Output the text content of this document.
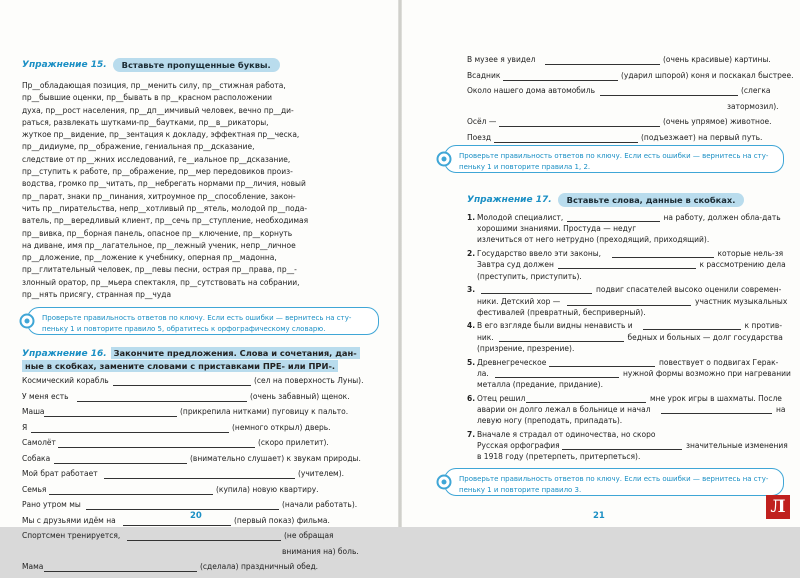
Упражнение 15.	Вставьте пропущенные буквы.
Пр__обладающая позиция, пр__менить силу, пр__стижная работа,
пр__бывшие оценки, пр__бывать в пр__красном расположении
духа, пр__рост населения, пр__дп__имчивый человек, вечно пр__ди-
раться, развлекать шутками-пр__баутками, пр__в__рикаторы,
жуткое пр__видение, пр__зентация к докладу, эффектная пр__ческа,
пр__дидиуме, пр__ображение, гениальная пр__дсказание,
следствие от пр__жних исследований, ге__иальное пр__дсказание,
пр__ступить к работе, пр__ображение, пр__мер передовиков произ-
водства, громко пр__читать, пр__небрегать нормами пр__личия, новый
пр__парат, знаки пр__пинания, хитроумное пр__способление, закон-
чить пр__пирательства, непр__хотливый пр__ятель, молодой пр__подa-
ватель, пр__вередливый клиент, пр__сечь пр__ступление, необходимая
пр__вивка, пр__борная панель, опасное пр__ключение, пр__корнуть
на диване, имя пр__лагательное, пр__лежный ученик, непр__личное
пр__дложение, пр__ложение к учебнику, оперная пр__мадонна,
пр__глитательный человек, пр__певы песни, острая пр__права, пр__-
злонный оратор, пр__мьера спектакля, пр__сутствовать на собрании,
пр__нять присягу, странная пр__чуда
Проверьте правильность ответов по ключу. Если есть ошибки — вернитесь на сту-пеньку 1 и повторите правило 5, обратитесь к орфографическому словарю.
Упражнение 16. Закончите предложения. Слова и сочетания, дан-
ные в скобках, замените словами с приставками ПРЕ- или ПРИ-.
Космический корабль	(сел на поверхность Луны).
У меня есть	(очень забавный) щенок.
Маша	(прикрепила нитками) пуговицу к пальто.
Я	(немного открыл) дверь.
Самолёт	(скоро прилетит).
Собака	(внимательно слушает) к звукам природы.
Мой брат работает	(учителем).
Семья	(купила) новую квартиру.
Рано утром мы	(начали работать).
Мы с друзьями идём на	(первый показ) фильма.
Спортсмен тренируется,	(не обращая
внимания на) боль.
Мама	(сделала) праздничный обед.
20
В музее я увидел	(очень красивые) картины.
Всадник	(ударил шпорой) коня и поскакал быстрее.
Около нашего дома автомобиль	(слегка
затормозил).
Осёл —	(очень упрямое) животное.
Поезд	(подъезжает) на первый путь.
Проверьте правильность ответов по ключу. Если есть ошибки — вернитесь на сту-пеньку 1 и повторите правила 1, 2.
Упражнение 17.	Вставьте слова, данные в скобках.
1. Молодой специалист,	на работу, должен обла-дать
хорошими знаниями. Простуда — недуг
излечиться от него нетрудно (преходящий, приходящий).
2. Государство ввело эти законы,	которые нель-зя
Завтра суд должен	к рассмотрению дела
(преступить, приступить).
3.	подвиг спасателей высоко оценили современ-
ники. Детский хор —	участник музыкальных
фестивалей (превратный, бесприверный).
4. В его взгляде были видны ненависть и	к против-
ник.	бедных и больных — долг государства
(призрение, презрение).
5. Древнегреческое	повествует о подвигах Герак-
ла.	нужной формы возможно при нагревании
металла (предание, придание).
6. Отец решил	мне урок игры в шахматы. После
аварии он долго лежал в больнице и начал	на
левую ногу (преподать, припадать).
7. Вначале я страдал от одиночества, но скоро
Русская орфография	значительные изменения
в 1918 году (претерпеть, притерпеться).
Проверьте правильность ответов по ключу. Если есть ошибки — вернитесь на сту-пеньку 1 и повторите правило 3.
21	Л
